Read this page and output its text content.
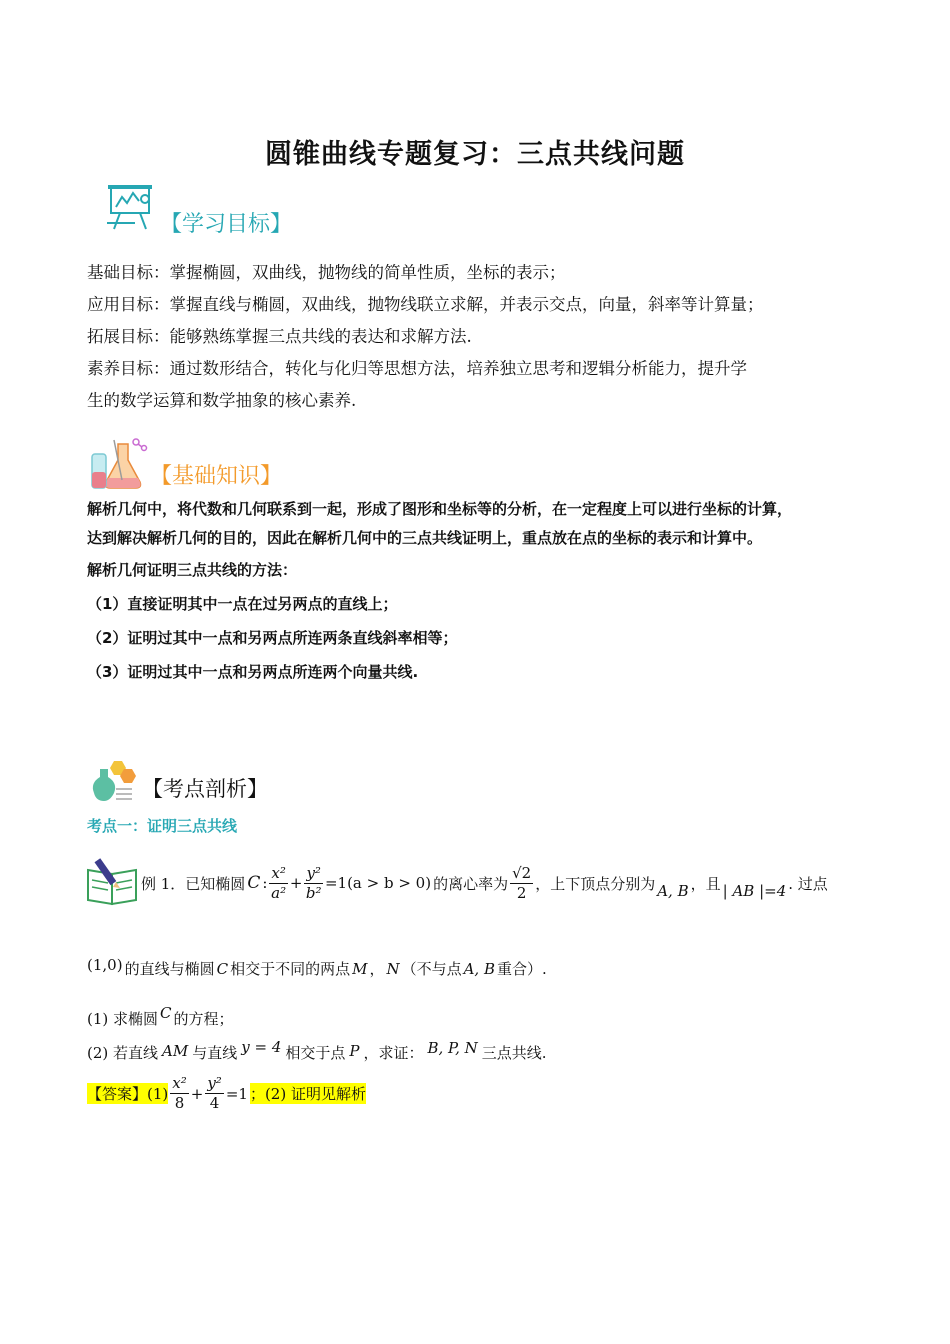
圆锥曲线专题复习：三点共线问题
【学习目标】
基础目标：掌握椭圆，双曲线，抛物线的简单性质，坐标的表示；
应用目标：掌握直线与椭圆，双曲线，抛物线联立求解，并表示交点，向量，斜率等计算量；
拓展目标：能够熟练掌握三点共线的表达和求解方法.
素养目标：通过数形结合，转化与化归等思想方法，培养独立思考和逻辑分析能力，提升学
生的数学运算和数学抽象的核心素养.
【基础知识】
解析几何中，将代数和几何联系到一起，形成了图形和坐标等的分析，在一定程度上可以进行坐标的计算，
达到解决解析几何的目的，因此在解析几何中的三点共线证明上，重点放在点的坐标的表示和计算中。
解析几何证明三点共线的方法：
（1）直接证明其中一点在过另两点的直线上；
（2）证明过其中一点和另两点所连两条直线斜率相等；
（3）证明过其中一点和另两点所连两个向量共线.
【考点剖析】
考点一：证明三点共线
例 1．已知椭圆 C : $\frac{\text{x²}}{\text{a²}} + \frac{\text{y²}}{\text{b²}} =1(a > b > 0)$ 的离心率为 $\frac{√2}{2}$ ，上下顶点分别为 A, B ，且 | AB |=4 . 过点
(1,0) 的直线与椭圆 C 相交于不同的两点 M ， N （不与点 A, B 重合）.
(1) 求椭圆 C 的方程；
(2) 若直线 AM 与直线 y = 4 相交于点 P ，求证： B, P, N 三点共线.
【答案】$(1) \frac{\text{x²}}{8} + \frac{\text{y²}}{4} =1$ ；(2) 证明见解析
